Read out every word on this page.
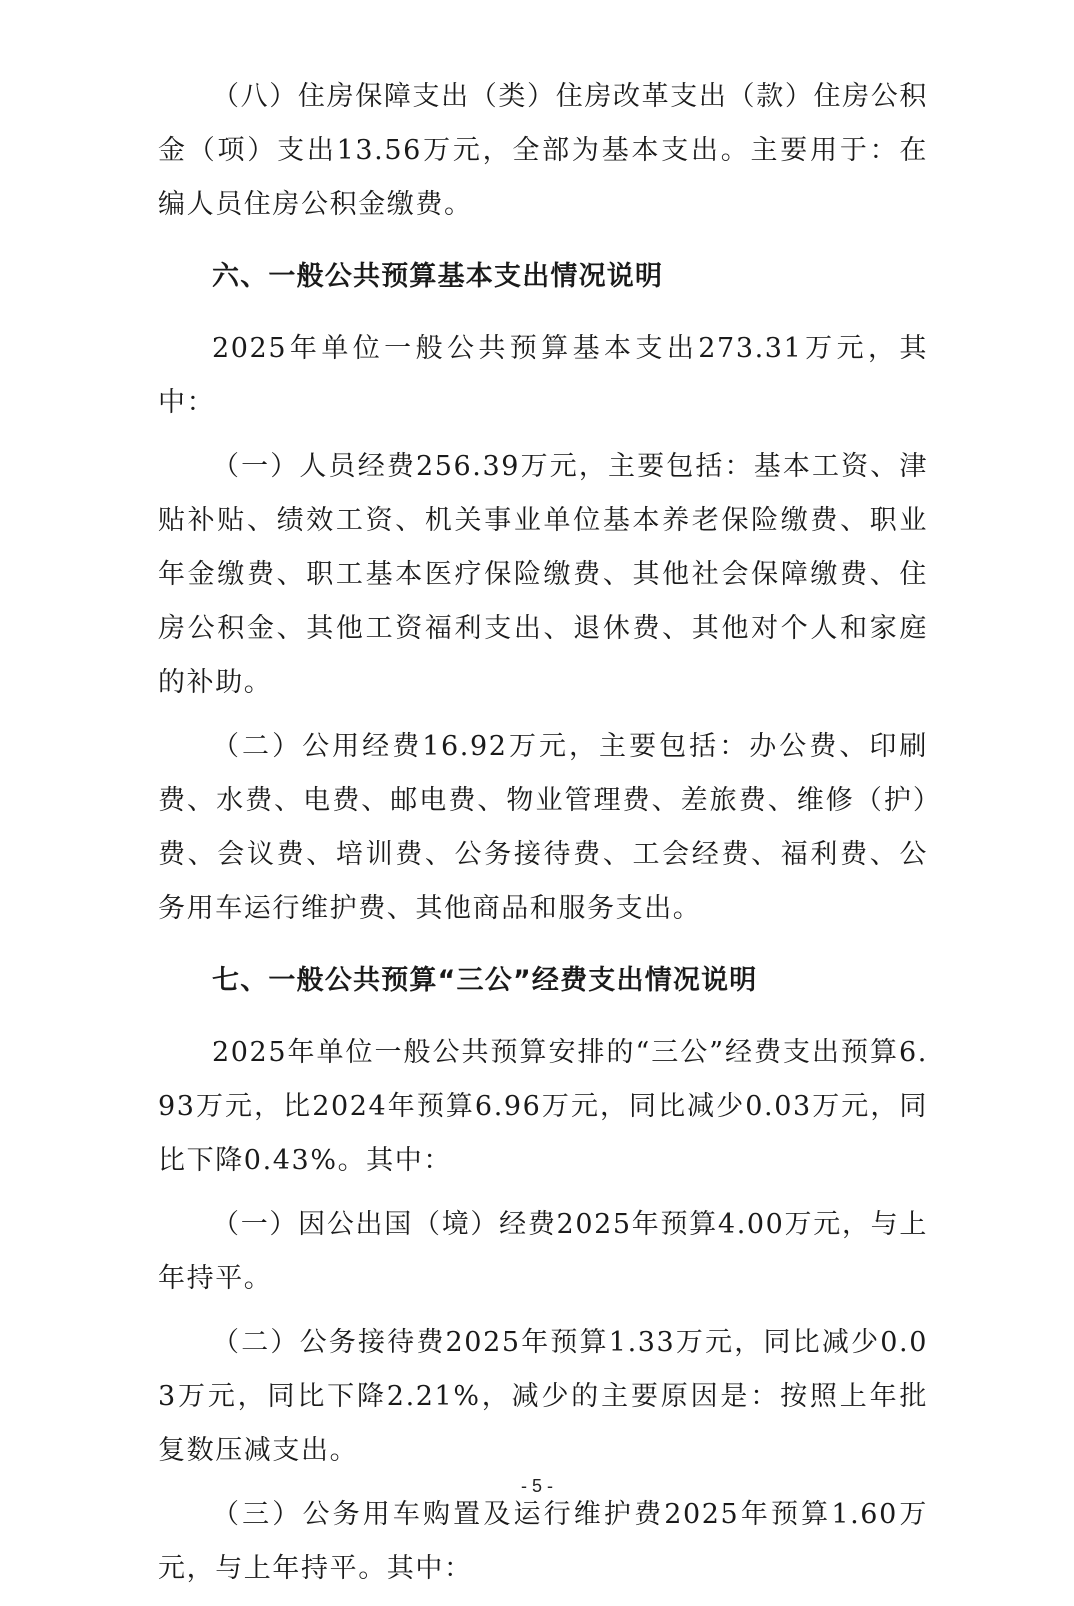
（八）住房保障支出（类）住房改革支出（款）住房公积金（项）支出13.56万元，全部为基本支出。主要用于：在编人员住房公积金缴费。

六、一般公共预算基本支出情况说明

2025年单位一般公共预算基本支出273.31万元，其中：

（一）人员经费256.39万元，主要包括：基本工资、津贴补贴、绩效工资、机关事业单位基本养老保险缴费、职业年金缴费、职工基本医疗保险缴费、其他社会保障缴费、住房公积金、其他工资福利支出、退休费、其他对个人和家庭的补助。

（二）公用经费16.92万元，主要包括：办公费、印刷费、水费、电费、邮电费、物业管理费、差旅费、维修（护）费、会议费、培训费、公务接待费、工会经费、福利费、公务用车运行维护费、其他商品和服务支出。

七、一般公共预算“三公”经费支出情况说明

2025年单位一般公共预算安排的“三公”经费支出预算6.93万元，比2024年预算6.96万元，同比减少0.03万元，同比下降0.43%。其中：

（一）因公出国（境）经费2025年预算4.00万元，与上年持平。

（二）公务接待费2025年预算1.33万元，同比减少0.03万元，同比下降2.21%，减少的主要原因是：按照上年批复数压减支出。

（三）公务用车购置及运行维护费2025年预算1.60万元，与上年持平。其中：

- 5 -
